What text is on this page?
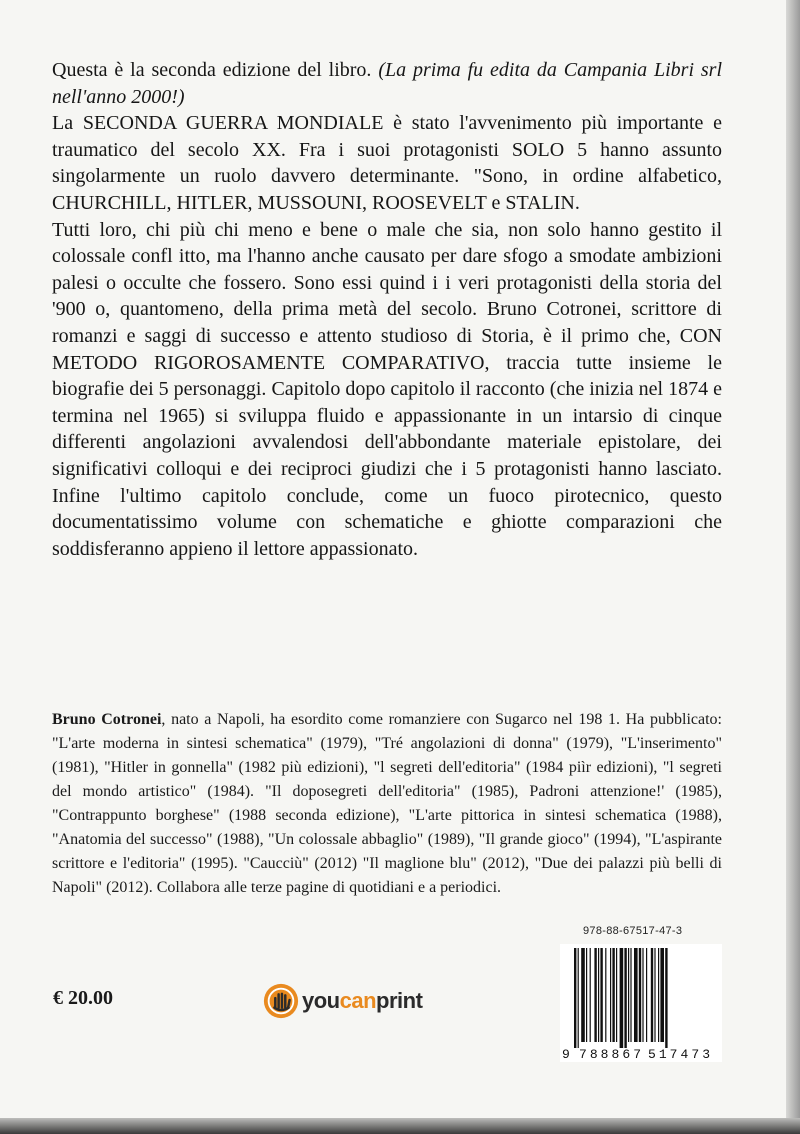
Questa è la seconda edizione del libro. (La prima fu edita da Campania Libri srl nell'anno 2000!)

La SECONDA GUERRA MONDIALE è stato l'avvenimento più importante e traumatico del secolo XX. Fra i suoi protagonisti SOLO 5 hanno assunto singolarmente un ruolo davvero determinante. "Sono, in ordine alfabetico, CHURCHILL, HITLER, MUSSOUNI, ROOSEVELT e STALIN.

Tutti loro, chi più chi meno e bene o male che sia, non solo hanno gestito il colossale confl itto, ma l'hanno anche causato per dare sfogo a smodate ambizioni palesi o occulte che fossero. Sono essi quind i i veri protagonisti della storia del '900 o, quantomeno, della prima metà del secolo. Bruno Cotronei, scrittore di romanzi e saggi di successo e attento studioso di Storia, è il primo che, CON METODO RIGOROSAMENTE COMPARATIVO, traccia tutte insieme le biografie dei 5 personaggi. Capitolo dopo capitolo il racconto (che inizia nel 1874 e termina nel 1965) si sviluppa fluido e appassionante in un intarsio di cinque differenti angolazioni avvalendosi dell'abbondante materiale epistolare, dei significativi colloqui e dei reciproci giudizi che i 5 protagonisti hanno lasciato. Infine l'ultimo capitolo conclude, come un fuoco pirotecnico, questo documentatissimo volume con schematiche e ghiotte comparazioni che soddisferanno appieno il lettore appassionato.

Bruno Cotronei, nato a Napoli, ha esordito come romanziere con Sugarco nel 198 1. Ha pubblicato: "L'arte moderna in sintesi schematica" (1979), "Tré angolazioni di donna" (1979), "L'inserimento" (1981), "Hitler in gonnella" (1982 più edizioni), "l segreti dell'editoria" (1984 piìr edizioni), "l segreti del mondo artistico" (1984). "Il doposegreti dell'editoria" (1985), Padroni attenzione!' (1985), "Contrappunto borghese" (1988 seconda edizione), "L'arte pittorica in sintesi schematica (1988), "Anatomia del successo" (1988), "Un colossale abbaglio" (1989), "Il grande gioco" (1994), "L'aspirante scrittore e l'editoria" (1995). "Caucciù" (2012) "Il maglione blu" (2012), "Due dei palazzi più belli di Napoli" (2012). Collabora alle terze pagine di quotidiani e a periodici.
€ 20.00	youcanprint
978-88-67517-47-3
9 788867 517473
